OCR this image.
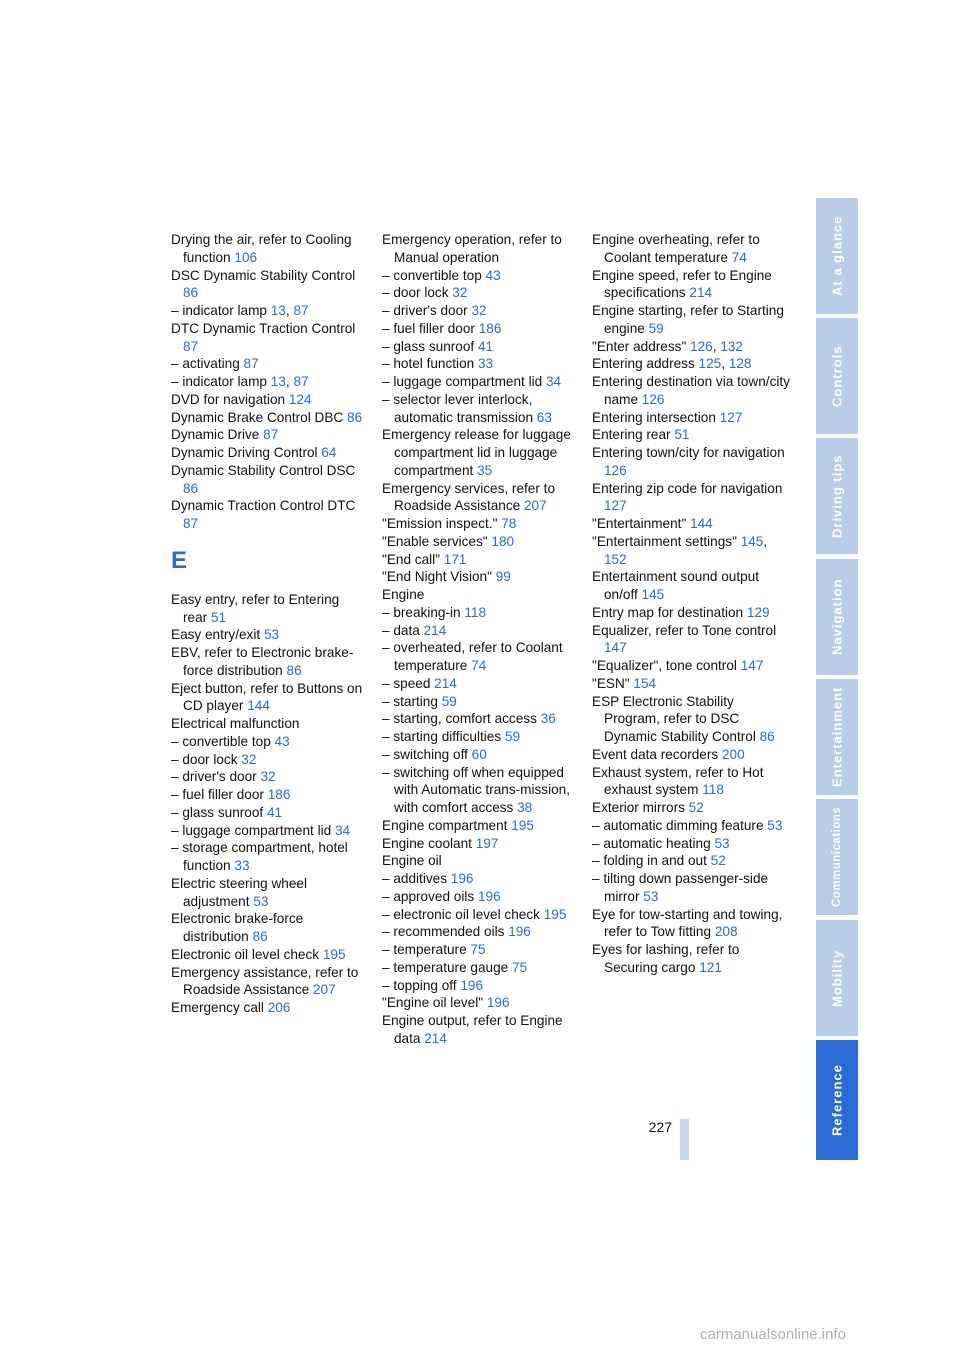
Drying the air, refer to Cooling function 106

DSC Dynamic Stability Control 86

– indicator lamp 13, 87

DTC Dynamic Traction Control 87

– activating 87

– indicator lamp 13, 87

DVD for navigation 124

Dynamic Brake Control DBC 86

Dynamic Drive 87

Dynamic Driving Control 64

Dynamic Stability Control DSC 86

Dynamic Traction Control DTC 87

E

Easy entry, refer to Entering rear 51

Easy entry/exit 53

EBV, refer to Electronic brake-force distribution 86

Eject button, refer to Buttons on CD player 144

Electrical malfunction

– convertible top 43

– door lock 32

– driver's door 32

– fuel filler door 186

– glass sunroof 41

– luggage compartment lid 34

– storage compartment, hotel function 33

Electric steering wheel adjustment 53

Electronic brake-force distribution 86

Electronic oil level check 195

Emergency assistance, refer to Roadside Assistance 207

Emergency call 206

Emergency operation, refer to Manual operation

– convertible top 43

– door lock 32

– driver's door 32

– fuel filler door 186

– glass sunroof 41

– hotel function 33

– luggage compartment lid 34

– selector lever interlock, automatic transmission 63

Emergency release for luggage compartment lid in luggage compartment 35

Emergency services, refer to Roadside Assistance 207

"Emission inspect." 78

"Enable services" 180

"End call" 171

"End Night Vision" 99

Engine

– breaking-in 118

– data 214

– overheated, refer to Coolant temperature 74

– speed 214

– starting 59

– starting, comfort access 36

– starting difficulties 59

– switching off 60

– switching off when equipped with Automatic trans-mission, with comfort access 38

Engine compartment 195

Engine coolant 197

Engine oil

– additives 196

– approved oils 196

– electronic oil level check 195

– recommended oils 196

– temperature 75

– temperature gauge 75

– topping off 196

"Engine oil level" 196

Engine output, refer to Engine data 214

Engine overheating, refer to Coolant temperature 74

Engine speed, refer to Engine specifications 214

Engine starting, refer to Starting engine 59

"Enter address" 126, 132

Entering address 125, 128

Entering destination via town/city name 126

Entering intersection 127

Entering rear 51

Entering town/city for navigation 126

Entering zip code for navigation 127

"Entertainment" 144

"Entertainment settings" 145, 152

Entertainment sound output on/off 145

Entry map for destination 129

Equalizer, refer to Tone control 147

"Equalizer", tone control 147

"ESN" 154

ESP Electronic Stability Program, refer to DSC Dynamic Stability Control 86

Event data recorders 200

Exhaust system, refer to Hot exhaust system 118

Exterior mirrors 52

– automatic dimming feature 53

– automatic heating 53

– folding in and out 52

– tilting down passenger-side mirror 53

Eye for tow-starting and towing, refer to Tow fitting 208

Eyes for lashing, refer to Securing cargo 121

At a glance
Controls
Driving tips
Navigation
Entertainment
Communications
Mobility
Reference
227
carmanualsonline.info
